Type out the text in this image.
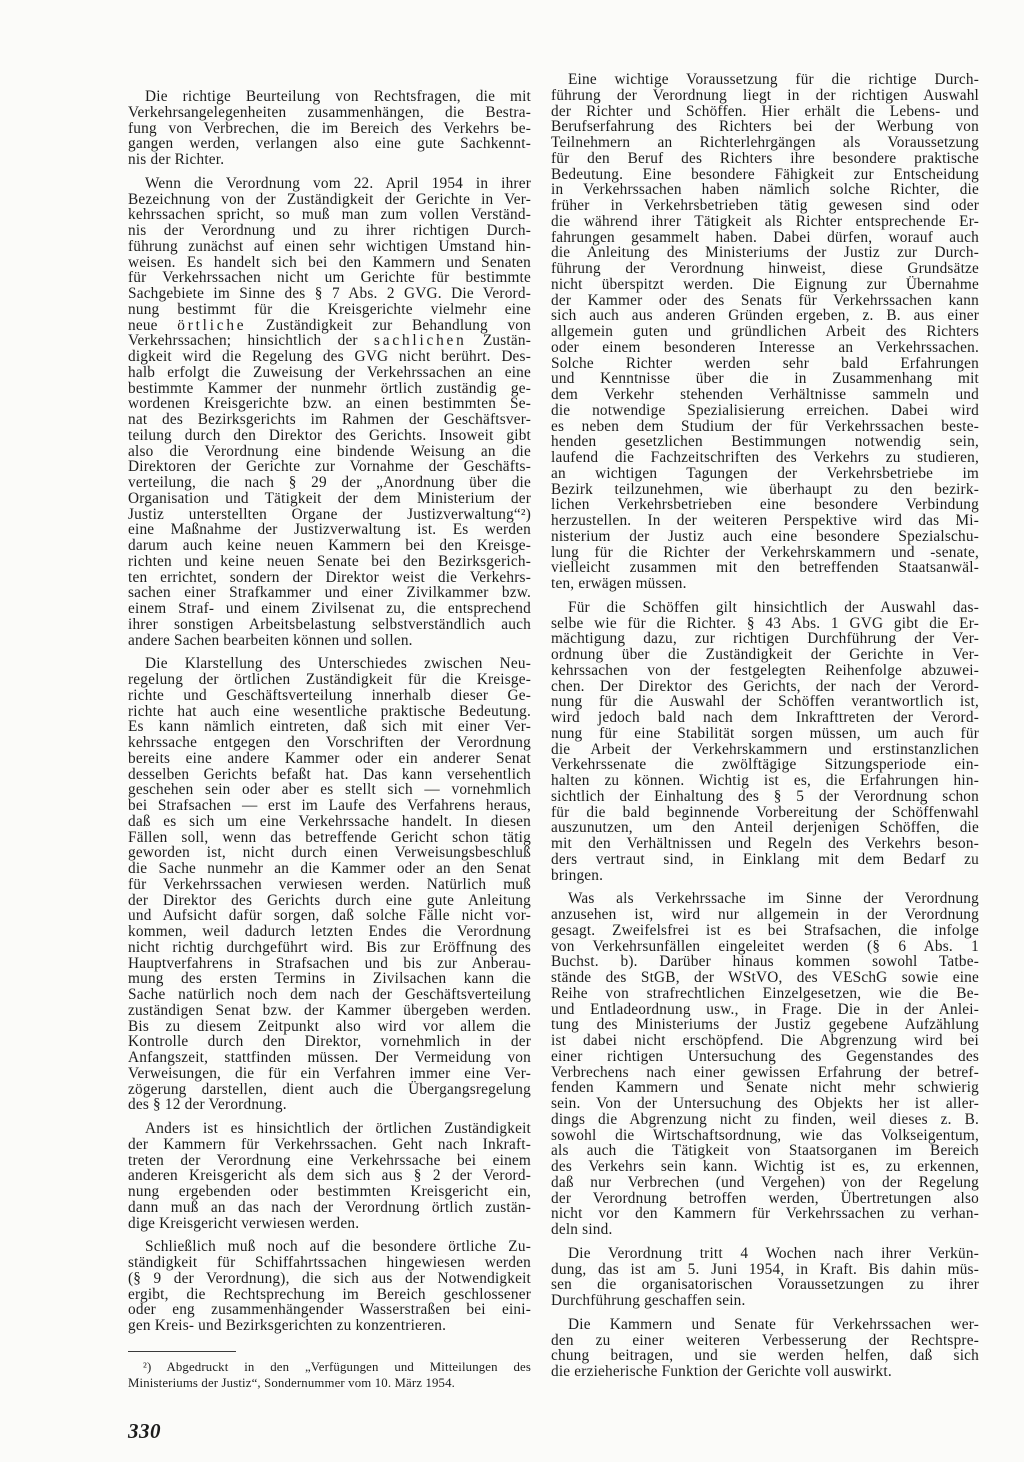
Die richtige Beurteilung von Rechtsfragen, die mit
Verkehrsangelegenheiten zusammenhängen, die Bestra-
fung von Verbrechen, die im Bereich des Verkehrs be-
gangen werden, verlangen also eine gute Sachkennt-
nis der Richter.
Wenn die Verordnung vom 22. April 1954 in ihrer
Bezeichnung von der Zuständigkeit der Gerichte in Ver-
kehrssachen spricht, so muß man zum vollen Verständ-
nis der Verordnung und zu ihrer richtigen Durch-
führung zunächst auf einen sehr wichtigen Umstand hin-
weisen. Es handelt sich bei den Kammern und Senaten
für Verkehrssachen nicht um Gerichte für bestimmte
Sachgebiete im Sinne des § 7 Abs. 2 GVG. Die Verord-
nung bestimmt für die Kreisgerichte vielmehr eine
neue örtliche Zuständigkeit zur Behandlung von
Verkehrssachen; hinsichtlich der sachlichen Zustän-
digkeit wird die Regelung des GVG nicht berührt. Des-
halb erfolgt die Zuweisung der Verkehrssachen an eine
bestimmte Kammer der nunmehr örtlich zuständig ge-
wordenen Kreisgerichte bzw. an einen bestimmten Se-
nat des Bezirksgerichts im Rahmen der Geschäftsver-
teilung durch den Direktor des Gerichts. Insoweit gibt
also die Verordnung eine bindende Weisung an die
Direktoren der Gerichte zur Vornahme der Geschäfts-
verteilung, die nach § 29 der „Anordnung über die
Organisation und Tätigkeit der dem Ministerium der
Justiz unterstellten Organe der Justizverwaltung“²)
eine Maßnahme der Justizverwaltung ist. Es werden
darum auch keine neuen Kammern bei den Kreisge-
richten und keine neuen Senate bei den Bezirksgerich-
ten errichtet, sondern der Direktor weist die Verkehrs-
sachen einer Strafkammer und einer Zivilkammer bzw.
einem Straf- und einem Zivilsenat zu, die entsprechend
ihrer sonstigen Arbeitsbelastung selbstverständlich auch
andere Sachen bearbeiten können und sollen.
Die Klarstellung des Unterschiedes zwischen Neu-
regelung der örtlichen Zuständigkeit für die Kreisge-
richte und Geschäftsverteilung innerhalb dieser Ge-
richte hat auch eine wesentliche praktische Bedeutung.
Es kann nämlich eintreten, daß sich mit einer Ver-
kehrssache entgegen den Vorschriften der Verordnung
bereits eine andere Kammer oder ein anderer Senat
desselben Gerichts befaßt hat. Das kann versehentlich
geschehen sein oder aber es stellt sich — vornehmlich
bei Strafsachen — erst im Laufe des Verfahrens heraus,
daß es sich um eine Verkehrssache handelt. In diesen
Fällen soll, wenn das betreffende Gericht schon tätig
geworden ist, nicht durch einen Verweisungsbeschluß
die Sache nunmehr an die Kammer oder an den Senat
für Verkehrssachen verwiesen werden. Natürlich muß
der Direktor des Gerichts durch eine gute Anleitung
und Aufsicht dafür sorgen, daß solche Fälle nicht vor-
kommen, weil dadurch letzten Endes die Verordnung
nicht richtig durchgeführt wird. Bis zur Eröffnung des
Hauptverfahrens in Strafsachen und bis zur Anberau-
mung des ersten Termins in Zivilsachen kann die
Sache natürlich noch dem nach der Geschäftsverteilung
zuständigen Senat bzw. der Kammer übergeben werden.
Bis zu diesem Zeitpunkt also wird vor allem die
Kontrolle durch den Direktor, vornehmlich in der
Anfangszeit, stattfinden müssen. Der Vermeidung von
Verweisungen, die für ein Verfahren immer eine Ver-
zögerung darstellen, dient auch die Übergangsregelung
des § 12 der Verordnung.
Anders ist es hinsichtlich der örtlichen Zuständigkeit
der Kammern für Verkehrssachen. Geht nach Inkraft-
treten der Verordnung eine Verkehrssache bei einem
anderen Kreisgericht als dem sich aus § 2 der Verord-
nung ergebenden oder bestimmten Kreisgericht ein,
dann muß an das nach der Verordnung örtlich zustän-
dige Kreisgericht verwiesen werden.
Schließlich muß noch auf die besondere örtliche Zu-
ständigkeit für Schiffahrtssachen hingewiesen werden
(§ 9 der Verordnung), die sich aus der Notwendigkeit
ergibt, die Rechtsprechung im Bereich geschlossener
oder eng zusammenhängender Wasserstraßen bei eini-
gen Kreis- und Bezirksgerichten zu konzentrieren.
Eine wichtige Voraussetzung für die richtige Durch-
führung der Verordnung liegt in der richtigen Auswahl
der Richter und Schöffen. Hier erhält die Lebens- und
Berufserfahrung des Richters bei der Werbung von
Teilnehmern an Richterlehrgängen als Voraussetzung
für den Beruf des Richters ihre besondere praktische
Bedeutung. Eine besondere Fähigkeit zur Entscheidung
in Verkehrssachen haben nämlich solche Richter, die
früher in Verkehrsbetrieben tätig gewesen sind oder
die während ihrer Tätigkeit als Richter entsprechende Er-
fahrungen gesammelt haben. Dabei dürfen, worauf auch
die Anleitung des Ministeriums der Justiz zur Durch-
führung der Verordnung hinweist, diese Grundsätze
nicht überspitzt werden. Die Eignung zur Übernahme
der Kammer oder des Senats für Verkehrssachen kann
sich auch aus anderen Gründen ergeben, z. B. aus einer
allgemein guten und gründlichen Arbeit des Richters
oder einem besonderen Interesse an Verkehrssachen.
Solche Richter werden sehr bald Erfahrungen
und Kenntnisse über die in Zusammenhang mit
dem Verkehr stehenden Verhältnisse sammeln und
die notwendige Spezialisierung erreichen. Dabei wird
es neben dem Studium der für Verkehrssachen beste-
henden gesetzlichen Bestimmungen notwendig sein,
laufend die Fachzeitschriften des Verkehrs zu studieren,
an wichtigen Tagungen der Verkehrsbetriebe im
Bezirk teilzunehmen, wie überhaupt zu den bezirk-
lichen Verkehrsbetrieben eine besondere Verbindung
herzustellen. In der weiteren Perspektive wird das Mi-
nisterium der Justiz auch eine besondere Spezialschu-
lung für die Richter der Verkehrskammern und -senate,
vielleicht zusammen mit den betreffenden Staatsanwäl-
ten, erwägen müssen.
Für die Schöffen gilt hinsichtlich der Auswahl das-
selbe wie für die Richter. § 43 Abs. 1 GVG gibt die Er-
mächtigung dazu, zur richtigen Durchführung der Ver-
ordnung über die Zuständigkeit der Gerichte in Ver-
kehrssachen von der festgelegten Reihenfolge abzuwei-
chen. Der Direktor des Gerichts, der nach der Verord-
nung für die Auswahl der Schöffen verantwortlich ist,
wird jedoch bald nach dem Inkrafttreten der Verord-
nung für eine Stabilität sorgen müssen, um auch für
die Arbeit der Verkehrskammern und erstinstanzlichen
Verkehrssenate die zwölftägige Sitzungsperiode ein-
halten zu können. Wichtig ist es, die Erfahrungen hin-
sichtlich der Einhaltung des § 5 der Verordnung schon
für die bald beginnende Vorbereitung der Schöffenwahl
auszunutzen, um den Anteil derjenigen Schöffen, die
mit den Verhältnissen und Regeln des Verkehrs beson-
ders vertraut sind, in Einklang mit dem Bedarf zu
bringen.
Was als Verkehrssache im Sinne der Verordnung
anzusehen ist, wird nur allgemein in der Verordnung
gesagt. Zweifelsfrei ist es bei Strafsachen, die infolge
von Verkehrsunfällen eingeleitet werden (§ 6 Abs. 1
Buchst. b). Darüber hinaus kommen sowohl Tatbe-
stände des StGB, der WStVO, des VESchG sowie eine
Reihe von strafrechtlichen Einzelgesetzen, wie die Be-
und Entladeordnung usw., in Frage. Die in der Anlei-
tung des Ministeriums der Justiz gegebene Aufzählung
ist dabei nicht erschöpfend. Die Abgrenzung wird bei
einer richtigen Untersuchung des Gegenstandes des
Verbrechens nach einer gewissen Erfahrung der betref-
fenden Kammern und Senate nicht mehr schwierig
sein. Von der Untersuchung des Objekts her ist aller-
dings die Abgrenzung nicht zu finden, weil dieses z. B.
sowohl die Wirtschaftsordnung, wie das Volkseigentum,
als auch die Tätigkeit von Staatsorganen im Bereich
des Verkehrs sein kann. Wichtig ist es, zu erkennen,
daß nur Verbrechen (und Vergehen) von der Regelung
der Verordnung betroffen werden, Übertretungen also
nicht vor den Kammern für Verkehrssachen zu verhan-
deln sind.
Die Verordnung tritt 4 Wochen nach ihrer Verkün-
dung, das ist am 5. Juni 1954, in Kraft. Bis dahin müs-
sen die organisatorischen Voraussetzungen zu ihrer
Durchführung geschaffen sein.
Die Kammern und Senate für Verkehrssachen wer-
den zu einer weiteren Verbesserung der Rechtspre-
chung beitragen, und sie werden helfen, daß sich
die erzieherische Funktion der Gerichte voll auswirkt.
²) Abgedruckt in den „Verfügungen und Mitteilungen des
Ministeriums der Justiz“, Sondernummer vom 10. März 1954.
330
